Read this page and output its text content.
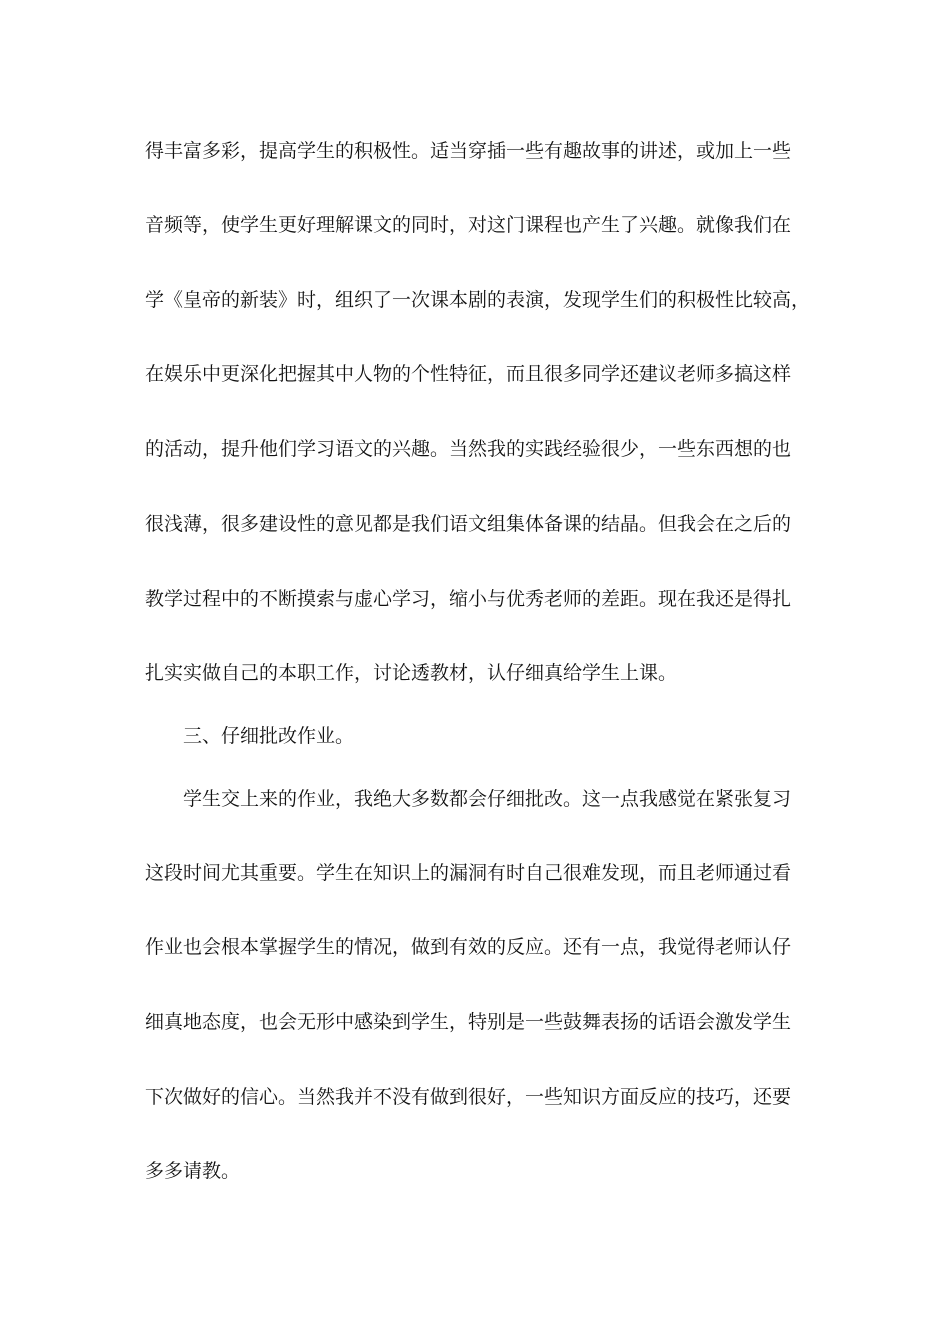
得丰富多彩，提高学生的积极性。适当穿插一些有趣故事的讲述，或加上一些
音频等，使学生更好理解课文的同时，对这门课程也产生了兴趣。就像我们在
学《皇帝的新装》时，组织了一次课本剧的表演，发现学生们的积极性比较高，
在娱乐中更深化把握其中人物的个性特征，而且很多同学还建议老师多搞这样
的活动，提升他们学习语文的兴趣。当然我的实践经验很少，一些东西想的也
很浅薄，很多建设性的意见都是我们语文组集体备课的结晶。但我会在之后的
教学过程中的不断摸索与虚心学习，缩小与优秀老师的差距。现在我还是得扎
扎实实做自己的本职工作，讨论透教材，认仔细真给学生上课。
三、仔细批改作业。
学生交上来的作业，我绝大多数都会仔细批改。这一点我感觉在紧张复习
这段时间尤其重要。学生在知识上的漏洞有时自己很难发现，而且老师通过看
作业也会根本掌握学生的情况，做到有效的反应。还有一点，我觉得老师认仔
细真地态度，也会无形中感染到学生，特别是一些鼓舞表扬的话语会激发学生
下次做好的信心。当然我并不没有做到很好，一些知识方面反应的技巧，还要
多多请教。
